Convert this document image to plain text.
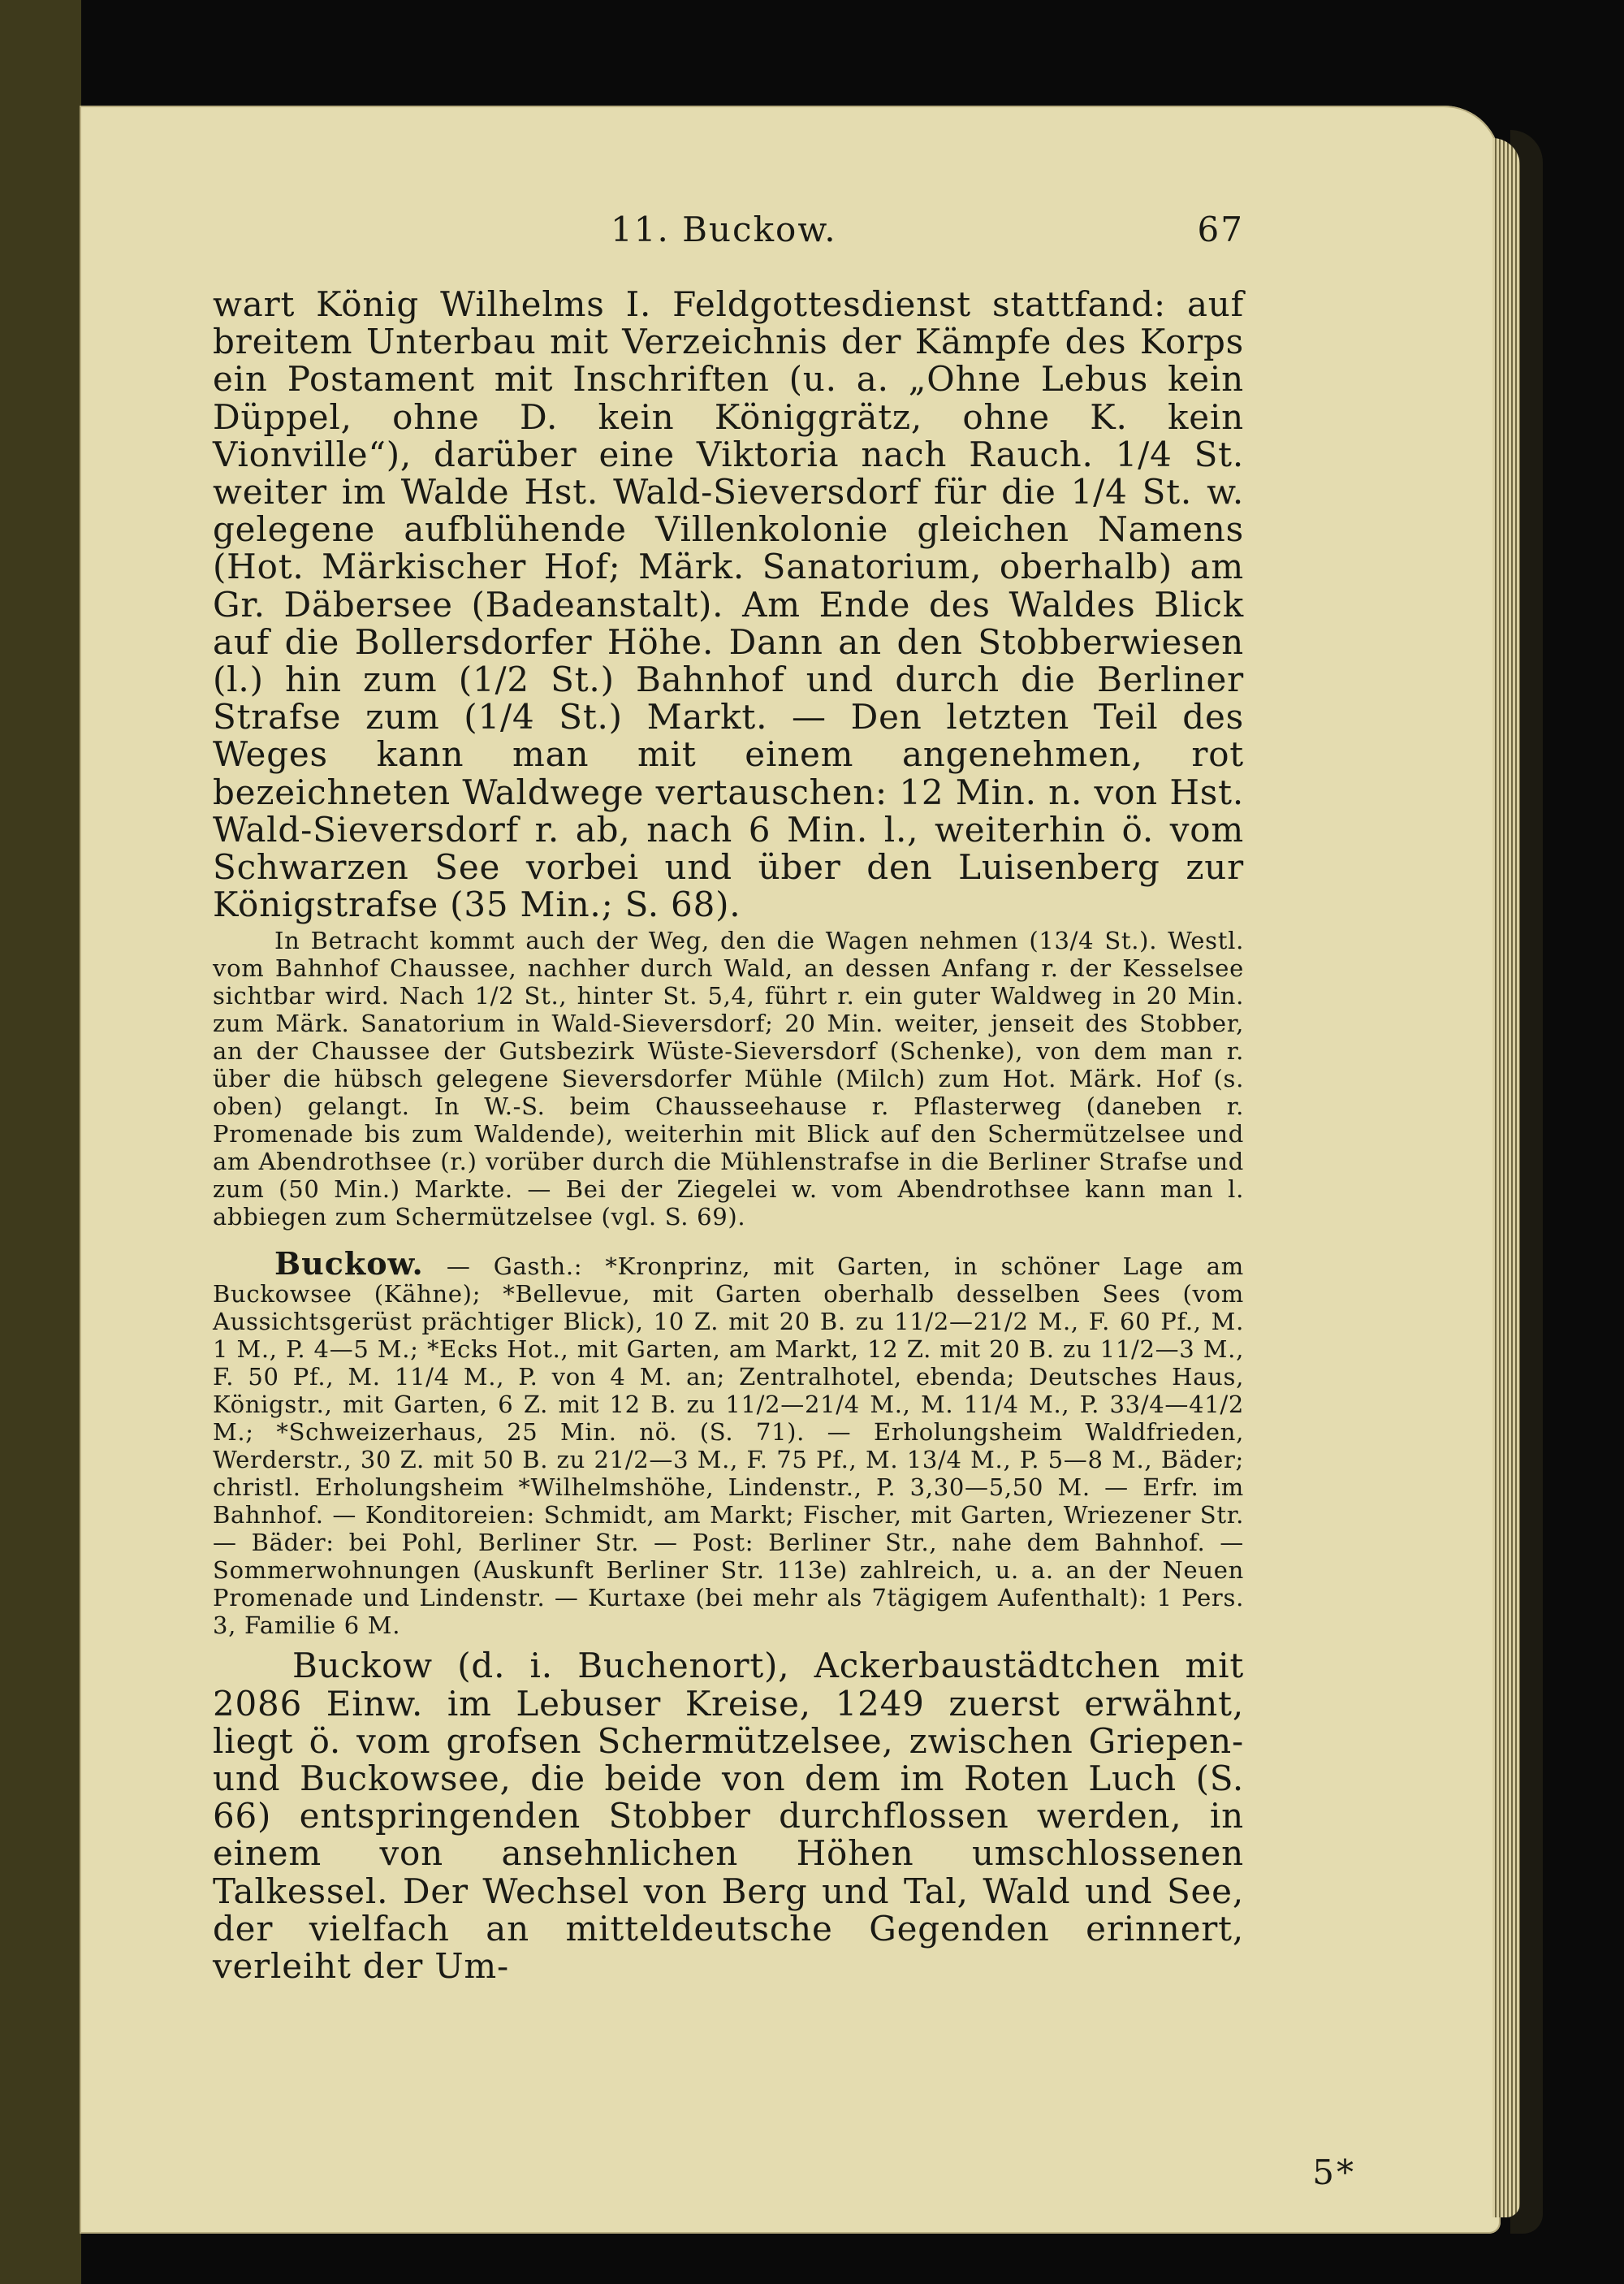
11. Buckow.	67

wart König Wilhelms I. Feldgottesdienst stattfand: auf breitem Unterbau mit Verzeichnis der Kämpfe des Korps ein Postament mit Inschriften (u. a. „Ohne Lebus kein Düppel, ohne D. kein Königgrätz, ohne K. kein Vionville“), darüber eine Viktoria nach Rauch. 1/4 St. weiter im Walde Hst. Wald-Sieversdorf für die 1/4 St. w. gelegene aufblühende Villenkolonie gleichen Namens (Hot. Märkischer Hof; Märk. Sanatorium, oberhalb) am Gr. Däbersee (Badeanstalt). Am Ende des Waldes Blick auf die Bollersdorfer Höhe. Dann an den Stobberwiesen (l.) hin zum (1/2 St.) Bahnhof und durch die Berliner Strafse zum (1/4 St.) Markt. — Den letzten Teil des Weges kann man mit einem angenehmen, rot bezeichneten Waldwege vertauschen: 12 Min. n. von Hst. Wald-Sieversdorf r. ab, nach 6 Min. l., weiterhin ö. vom Schwarzen See vorbei und über den Luisenberg zur Königstrafse (35 Min.; S. 68).

In Betracht kommt auch der Weg, den die Wagen nehmen (13/4 St.). Westl. vom Bahnhof Chaussee, nachher durch Wald, an dessen Anfang r. der Kesselsee sichtbar wird. Nach 1/2 St., hinter St. 5,4, führt r. ein guter Waldweg in 20 Min. zum Märk. Sanatorium in Wald-Sieversdorf; 20 Min. weiter, jenseit des Stobber, an der Chaussee der Gutsbezirk Wüste-Sieversdorf (Schenke), von dem man r. über die hübsch gelegene Sieversdorfer Mühle (Milch) zum Hot. Märk. Hof (s. oben) gelangt. In W.-S. beim Chausseehause r. Pflasterweg (daneben r. Promenade bis zum Waldende), weiterhin mit Blick auf den Schermützelsee und am Abendrothsee (r.) vorüber durch die Mühlenstrafse in die Berliner Strafse und zum (50 Min.) Markte. — Bei der Ziegelei w. vom Abendrothsee kann man l. abbiegen zum Schermützelsee (vgl. S. 69).

Buckow. — Gasth.: *Kronprinz, mit Garten, in schöner Lage am Buckowsee (Kähne); *Bellevue, mit Garten oberhalb desselben Sees (vom Aussichtsgerüst prächtiger Blick), 10 Z. mit 20 B. zu 11/2—21/2 M., F. 60 Pf., M. 1 M., P. 4—5 M.; *Ecks Hot., mit Garten, am Markt, 12 Z. mit 20 B. zu 11/2—3 M., F. 50 Pf., M. 11/4 M., P. von 4 M. an; Zentralhotel, ebenda; Deutsches Haus, Königstr., mit Garten, 6 Z. mit 12 B. zu 11/2—21/4 M., M. 11/4 M., P. 33/4—41/2 M.; *Schweizerhaus, 25 Min. nö. (S. 71). — Erholungsheim Waldfrieden, Werderstr., 30 Z. mit 50 B. zu 21/2—3 M., F. 75 Pf., M. 13/4 M., P. 5—8 M., Bäder; christl. Erholungsheim *Wilhelmshöhe, Lindenstr., P. 3,30—5,50 M. — Erfr. im Bahnhof. — Konditoreien: Schmidt, am Markt; Fischer, mit Garten, Wriezener Str. — Bäder: bei Pohl, Berliner Str. — Post: Berliner Str., nahe dem Bahnhof. — Sommerwohnungen (Auskunft Berliner Str. 113e) zahlreich, u. a. an der Neuen Promenade und Lindenstr. — Kurtaxe (bei mehr als 7tägigem Aufenthalt): 1 Pers. 3, Familie 6 M.

Buckow (d. i. Buchenort), Ackerbaustädtchen mit 2086 Einw. im Lebuser Kreise, 1249 zuerst erwähnt, liegt ö. vom grofsen Schermützelsee, zwischen Griepen- und Buckowsee, die beide von dem im Roten Luch (S. 66) entspringenden Stobber durchflossen werden, in einem von ansehnlichen Höhen umschlossenen Talkessel. Der Wechsel von Berg und Tal, Wald und See, der vielfach an mitteldeutsche Gegenden erinnert, verleiht der Um-

5*
